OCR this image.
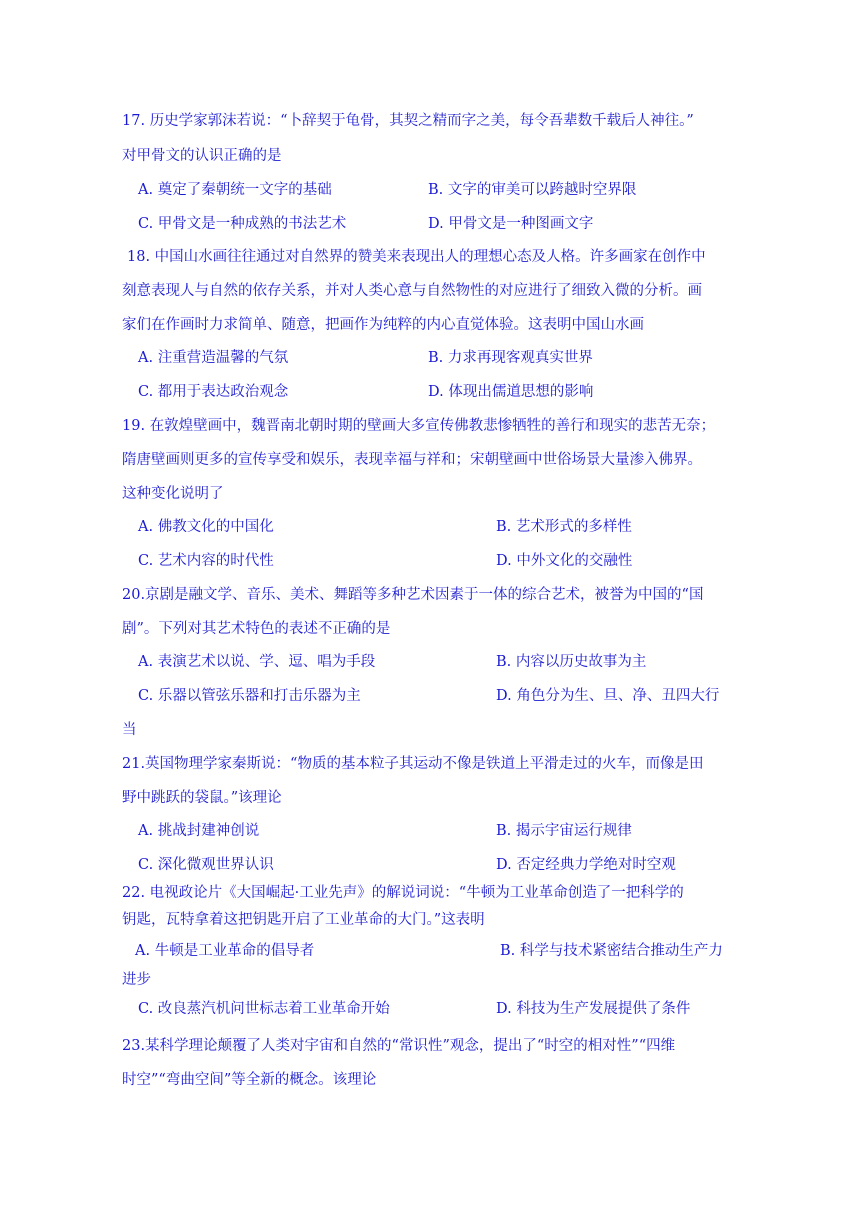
17. 历史学家郭沫若说：“卜辞契于龟骨，其契之精而字之美，每令吾辈数千载后人神往。”
对甲骨文的认识正确的是
A. 奠定了秦朝统一文字的基础	B. 文字的审美可以跨越时空界限
C. 甲骨文是一种成熟的书法艺术	D. 甲骨文是一种图画文字
18. 中国山水画往往通过对自然界的赞美来表现出人的理想心态及人格。许多画家在创作中
刻意表现人与自然的依存关系，并对人类心意与自然物性的对应进行了细致入微的分析。画
家们在作画时力求简单、随意，把画作为纯粹的内心直觉体验。这表明中国山水画
A. 注重营造温馨的气氛	B. 力求再现客观真实世界
C. 都用于表达政治观念	D. 体现出儒道思想的影响
19. 在敦煌壁画中，魏晋南北朝时期的壁画大多宣传佛教悲惨牺牲的善行和现实的悲苦无奈；
隋唐壁画则更多的宣传享受和娱乐，表现幸福与祥和；宋朝壁画中世俗场景大量渗入佛界。
这种变化说明了
A. 佛教文化的中国化	B. 艺术形式的多样性
C. 艺术内容的时代性	D. 中外文化的交融性
20.京剧是融文学、音乐、美术、舞蹈等多种艺术因素于一体的综合艺术，被誉为中国的“国
剧”。下列对其艺术特色的表述不正确的是
A. 表演艺术以说、学、逗、唱为手段	B. 内容以历史故事为主
C. 乐器以管弦乐器和打击乐器为主	D. 角色分为生、旦、净、丑四大行
当
21.英国物理学家秦斯说：“物质的基本粒子其运动不像是铁道上平滑走过的火车，而像是田
野中跳跃的袋鼠。”该理论
A. 挑战封建神创说	B. 揭示宇宙运行规律
C. 深化微观世界认识	D. 否定经典力学绝对时空观
22. 电视政论片《大国崛起·工业先声》的解说词说：“牛顿为工业革命创造了一把科学的
钥匙，瓦特拿着这把钥匙开启了工业革命的大门。”这表明
A. 牛顿是工业革命的倡导者	B. 科学与技术紧密结合推动生产力
进步
C. 改良蒸汽机问世标志着工业革命开始	D. 科技为生产发展提供了条件
23.某科学理论颠覆了人类对宇宙和自然的“常识性”观念，提出了“时空的相对性”“四维
时空”“弯曲空间”等全新的概念。该理论
